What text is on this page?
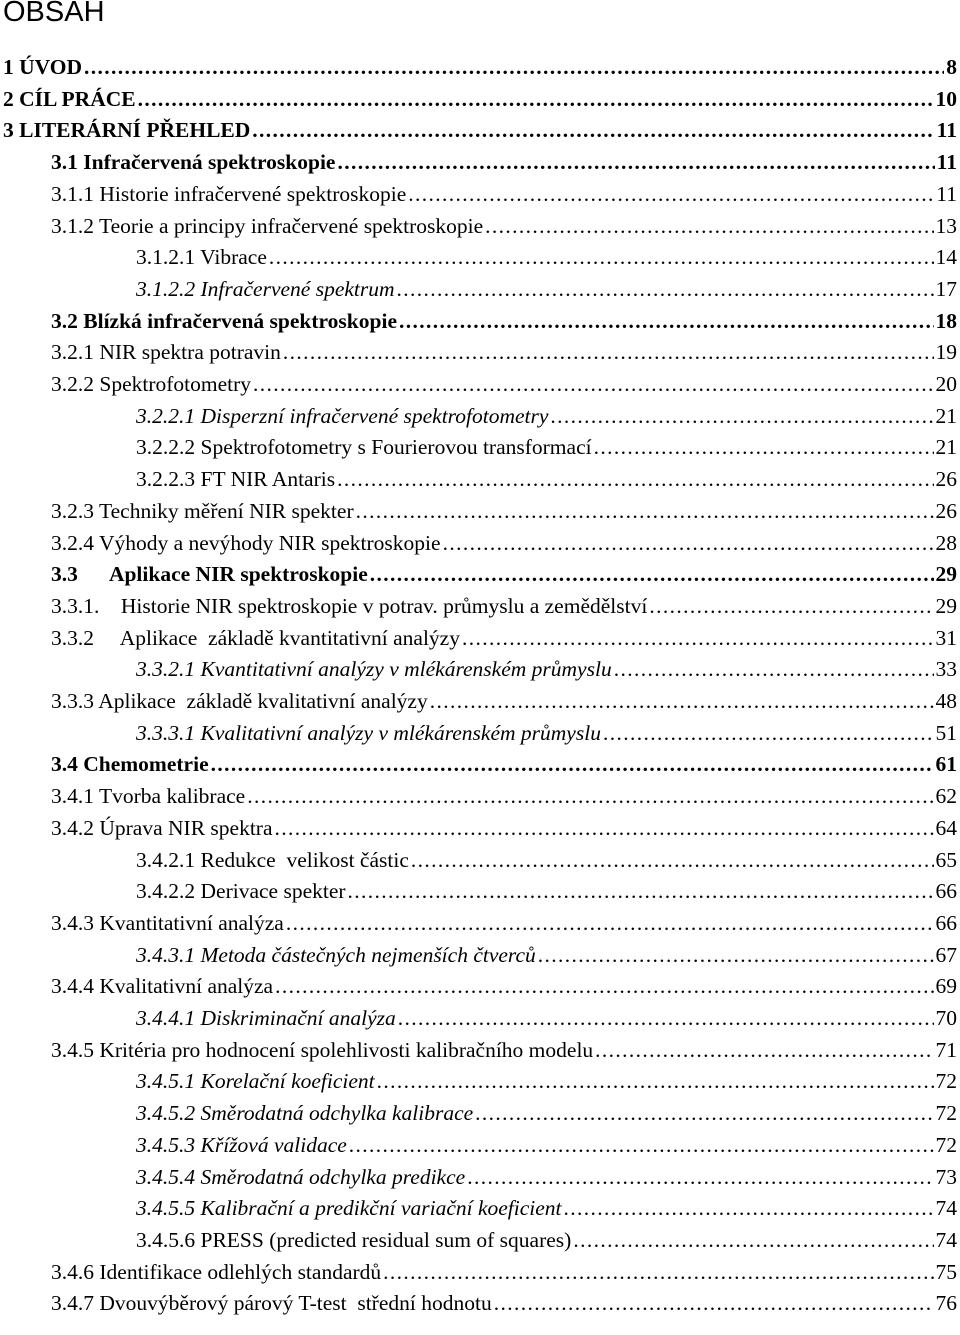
OBSAH
1 ÚVOD . . .	8
2 CÍL PRÁCE . . .	10
3 LITERÁRNÍ PŘEHLED . . .	11
3.1 Infračervená spektroskopie . . .	11
3.1.1 Historie infračervené spektroskopie . . .	11
3.1.2 Teorie a principy infračervené spektroskopie . . .	13
3.1.2.1 Vibrace . . .	14
3.1.2.2 Infračervené spektrum . . .	17
3.2 Blízká infračervená spektroskopie . . .	18
3.2.1 NIR spektra potravin . . .	19
3.2.2 Spektrofotometry . . .	20
3.2.2.1 Disperzní infračervené spektrofotometry . . .	21
3.2.2.2 Spektrofotometry s Fourierovou transformací . . .	21
3.2.2.3 FT NIR Antaris . . .	26
3.2.3 Techniky měření NIR spekter . . .	26
3.2.4 Výhody a nevýhody NIR spektroskopie . . .	28
3.3      Aplikace NIR spektroskopie . . .	29
3.3.1.    Historie NIR spektroskopie v potrav. průmyslu a zemědělství . . .	29
3.3.2     Aplikace  základě kvantitativní analýzy . . .	31
3.3.2.1 Kvantitativní analýzy v mlékárenském průmyslu . . .	33
3.3.3 Aplikace  základě kvalitativní analýzy . . .	48
3.3.3.1 Kvalitativní analýzy v mlékárenském průmyslu . . .	51
3.4 Chemometrie . . .	61
3.4.1 Tvorba kalibrace . . .	62
3.4.2 Úprava NIR spektra . . .	64
3.4.2.1 Redukce  velikost částic . . .	65
3.4.2.2 Derivace spekter . . .	66
3.4.3 Kvantitativní analýza . . .	66
3.4.3.1 Metoda částečných nejmenších čtverců . . .	67
3.4.4 Kvalitativní analýza . . .	69
3.4.4.1 Diskriminační analýza . . .	70
3.4.5 Kritéria pro hodnocení spolehlivosti kalibračního modelu . . .	71
3.4.5.1 Korelační koeficient . . .	72
3.4.5.2 Směrodatná odchylka kalibrace . . .	72
3.4.5.3 Křížová validace . . .	72
3.4.5.4 Směrodatná odchylka predikce . . .	73
3.4.5.5 Kalibrační a predikční variační koeficient . . .	74
3.4.5.6 PRESS (predicted residual sum of squares) . . .	74
3.4.6 Identifikace odlehlých standardů . . .	75
3.4.7 Dvouvýběrový párový T-test  střední hodnotu . . .	76
